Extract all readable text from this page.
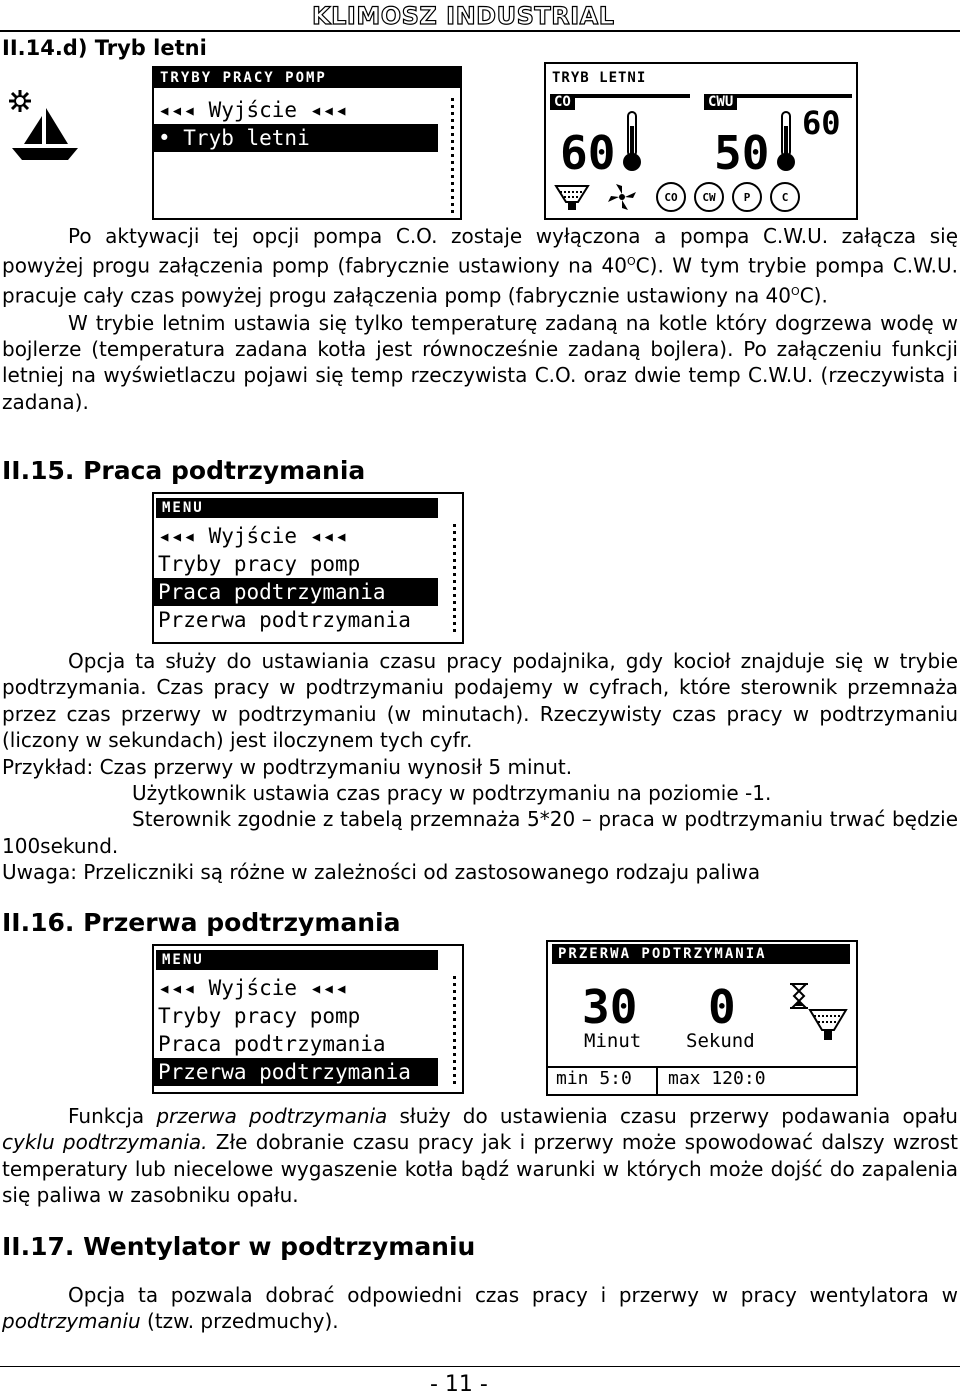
KLIMOSZ INDUSTRIAL
II.14.d) Tryb letni
TRYBY PRACY POMP
◂◂◂ Wyjście ◂◂◂
• Tryb letni
TRYB LETNI
CO	CWU
60 50
60
CO	CW	P	C

Po aktywacji tej opcji pompa C.O. zostaje wyłączona a pompa C.W.U. załącza się powyżej progu załączenia pomp (fabrycznie ustawiony na $40^OC$). W tym trybie pompa C.W.U. pracuje cały czas powyżej progu załączenia pomp (fabrycznie ustawiony na $40^OC$).

W trybie letnim ustawia się tylko temperaturę zadaną na kotle który dogrzewa wodę w bojlerze (temperatura zadana kotła jest równocześnie zadaną bojlera). Po załączeniu funkcji letniej na wyświetlaczu pojawi się temp rzeczywista C.O. oraz dwie temp C.W.U. (rzeczywista i zadana).

II.15. Praca podtrzymania
MENU
◂◂◂ Wyjście ◂◂◂
Tryby pracy pomp
Praca podtrzymania
Przerwa podtrzymania

Opcja ta służy do ustawiania czasu pracy podajnika, gdy kocioł znajduje się w trybie podtrzymania. Czas pracy w podtrzymaniu podajemy w cyfrach, które sterownik przemnaża przez czas przerwy w podtrzymaniu (w minutach). Rzeczywisty czas pracy w podtrzymaniu (liczony w sekundach) jest iloczynem tych cyfr.

Przykład: Czas przerwy w podtrzymaniu wynosił 5 minut.

Użytkownik ustawia czas pracy w podtrzymaniu na poziomie -1.

Sterownik zgodnie z tabelą przemnaża 5*20 – praca w podtrzymaniu trwać będzie 100sekund.

Uwaga: Przeliczniki są różne w zależności od zastosowanego rodzaju paliwa

II.16. Przerwa podtrzymania
MENU
◂◂◂ Wyjście ◂◂◂
Tryby pracy pomp
Praca podtrzymania
Przerwa podtrzymania
PRZERWA PODTRZYMANIA
30
Minut
0
Sekund
min 5:0 max 120:0

Funkcja przerwa podtrzymania służy do ustawienia czasu przerwy podawania opału cyklu podtrzymania. Złe dobranie czasu pracy jak i przerwy może spowodować dalszy wzrost temperatury lub niecelowe wygaszenie kotła bądź warunki w których może dojść do zapalenia się paliwa w zasobniku opału.

II.17. Wentylator w podtrzymaniu

Opcja ta pozwala dobrać odpowiedni czas pracy i przerwy w pracy wentylatora w podtrzymaniu (tzw. przedmuchy).

- 11 -
